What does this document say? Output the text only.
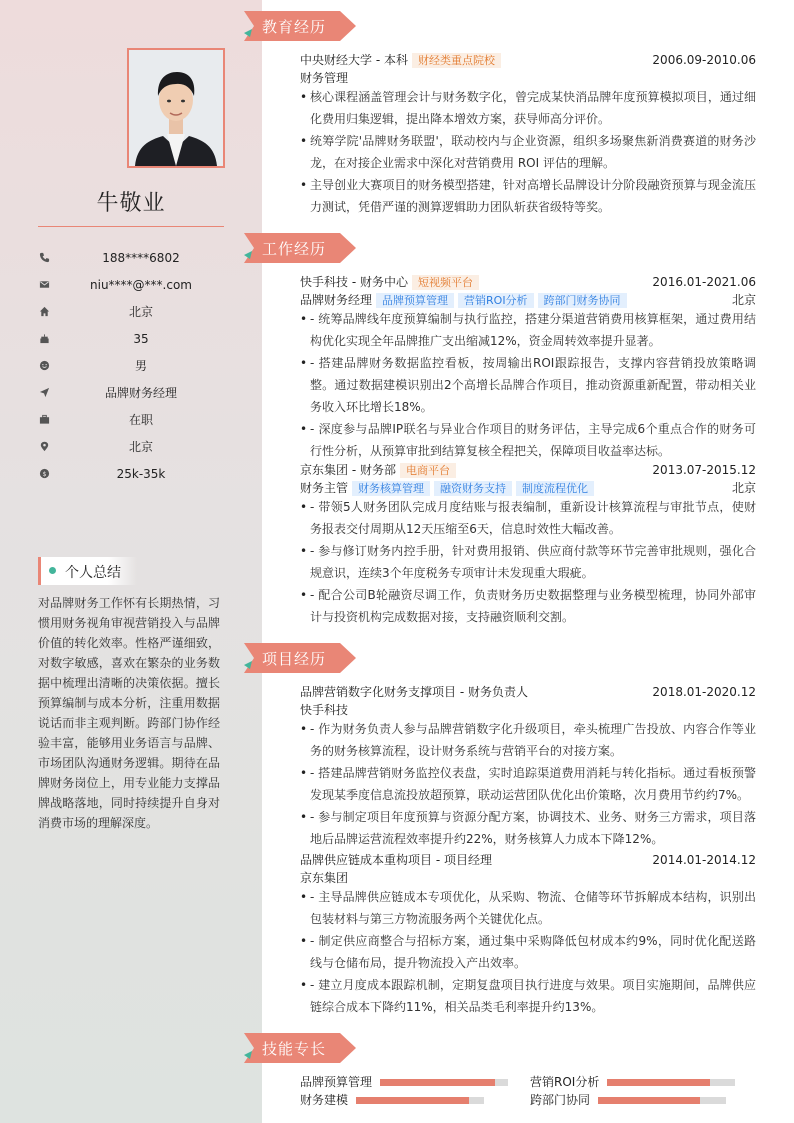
牛敬业
188****6802
niu****@***.com
北京
35
男
品牌财务经理
在职
北京
$	25k-35k
个人总结
对品牌财务工作怀有长期热情，习惯用财务视角审视营销投入与品牌价值的转化效率。性格严谨细致，对数字敏感，喜欢在繁杂的业务数据中梳理出清晰的决策依据。擅长预算编制与成本分析，注重用数据说话而非主观判断。跨部门协作经验丰富，能够用业务语言与品牌、市场团队沟通财务逻辑。期待在品牌财务岗位上，用专业能力支撑品牌战略落地，同时持续提升自身对消费市场的理解深度。
教育经历
中央财经大学 - 本科 财经类重点院校	2006.09-2010.06
财务管理
• 核心课程涵盖管理会计与财务数字化，曾完成某快消品牌年度预算模拟项目，通过细化费用归集逻辑，提出降本增效方案，获导师高分评价。
• 统筹学院'品牌财务联盟'，联动校内与企业资源，组织多场聚焦新消费赛道的财务沙龙，在对接企业需求中深化对营销费用 ROI 评估的理解。
• 主导创业大赛项目的财务模型搭建，针对高增长品牌设计分阶段融资预算与现金流压力测试，凭借严谨的测算逻辑助力团队斩获省级特等奖。
工作经历
快手科技 - 财务中心 短视频平台	2016.01-2021.06
品牌财务经理 品牌预算管理 营销ROI分析 跨部门财务协同	北京
• - 统筹品牌线年度预算编制与执行监控，搭建分渠道营销费用核算框架，通过费用结构优化实现全年品牌推广支出缩减12%，资金周转效率提升显著。
• - 搭建品牌财务数据监控看板，按周输出ROI跟踪报告，支撑内容营销投放策略调整。通过数据建模识别出2个高增长品牌合作项目，推动资源重新配置，带动相关业务收入环比增长18%。
• - 深度参与品牌IP联名与异业合作项目的财务评估，主导完成6个重点合作的财务可行性分析，从预算审批到结算复核全程把关，保障项目收益率达标。
京东集团 - 财务部 电商平台	2013.07-2015.12
财务主管 财务核算管理 融资财务支持 制度流程优化	北京
• - 带领5人财务团队完成月度结账与报表编制，重新设计核算流程与审批节点，使财务报表交付周期从12天压缩至6天，信息时效性大幅改善。
• - 参与修订财务内控手册，针对费用报销、供应商付款等环节完善审批规则，强化合规意识，连续3个年度税务专项审计未发现重大瑕疵。
• - 配合公司B轮融资尽调工作，负责财务历史数据整理与业务模型梳理，协同外部审计与投资机构完成数据对接，支持融资顺利交割。
项目经历
品牌营销数字化财务支撑项目 - 财务负责人	2018.01-2020.12
快手科技
• - 作为财务负责人参与品牌营销数字化升级项目，牵头梳理广告投放、内容合作等业务的财务核算流程，设计财务系统与营销平台的对接方案。
• - 搭建品牌营销财务监控仪表盘，实时追踪渠道费用消耗与转化指标。通过看板预警发现某季度信息流投放超预算，联动运营团队优化出价策略，次月费用节约约7%。
• - 参与制定项目年度预算与资源分配方案，协调技术、业务、财务三方需求，项目落地后品牌运营流程效率提升约22%，财务核算人力成本下降12%。
品牌供应链成本重构项目 - 项目经理	2014.01-2014.12
京东集团
• - 主导品牌供应链成本专项优化，从采购、物流、仓储等环节拆解成本结构，识别出包装材料与第三方物流服务两个关键优化点。
• - 制定供应商整合与招标方案，通过集中采购降低包材成本约9%，同时优化配送路线与仓储布局，提升物流投入产出效率。
• - 建立月度成本跟踪机制，定期复盘项目执行进度与效果。项目实施期间，品牌供应链综合成本下降约11%，相关品类毛利率提升约13%。
技能专长
品牌预算管理	营销ROI分析
财务建模	跨部门协同
